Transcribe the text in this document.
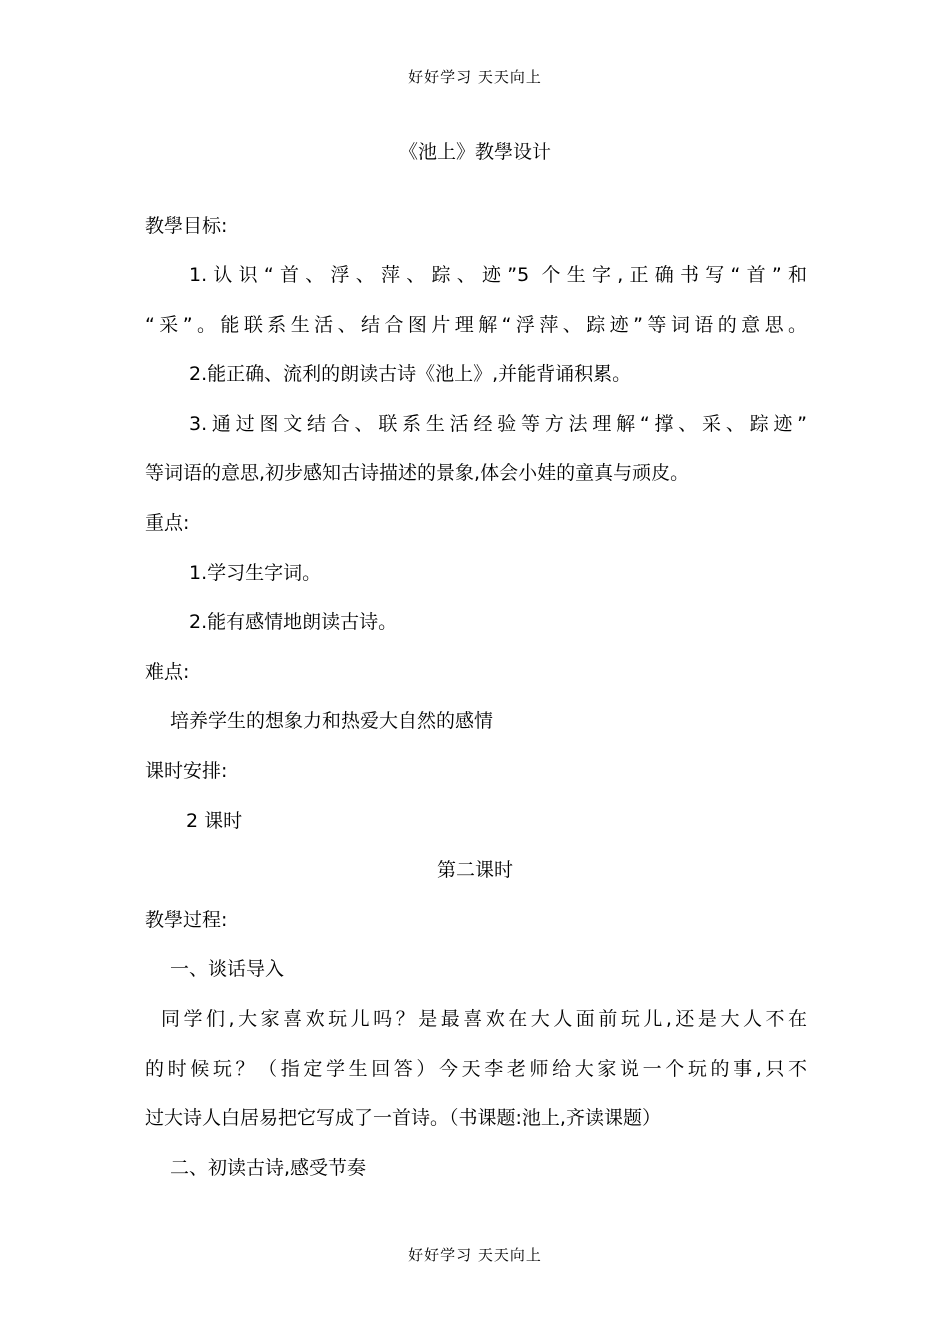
好好学习 天天向上
《池上》教學设计
教學目标:
1.认识“首、浮、萍、踪、迹”5 个生字,正确书写“首”和
“采”。能联系生活、结合图片理解“浮萍、踪迹”等词语的意思。
2.能正确、流利的朗读古诗《池上》,并能背诵积累。
3.通过图文结合、联系生活经验等方法理解“撑、采、踪迹”
等词语的意思,初步感知古诗描述的景象,体会小娃的童真与顽皮。
重点:
1.学习生字词。
2.能有感情地朗读古诗。
难点:
培养学生的想象力和热爱大自然的感情
课时安排:
2 课时
第二课时
教學过程:
一、谈话导入
同学们,大家喜欢玩儿吗？是最喜欢在大人面前玩儿,还是大人不在
的时候玩？（指定学生回答）今天李老师给大家说一个玩的事,只不
过大诗人白居易把它写成了一首诗。（书课题:池上,齐读课题）
二、初读古诗,感受节奏
好好学习 天天向上
